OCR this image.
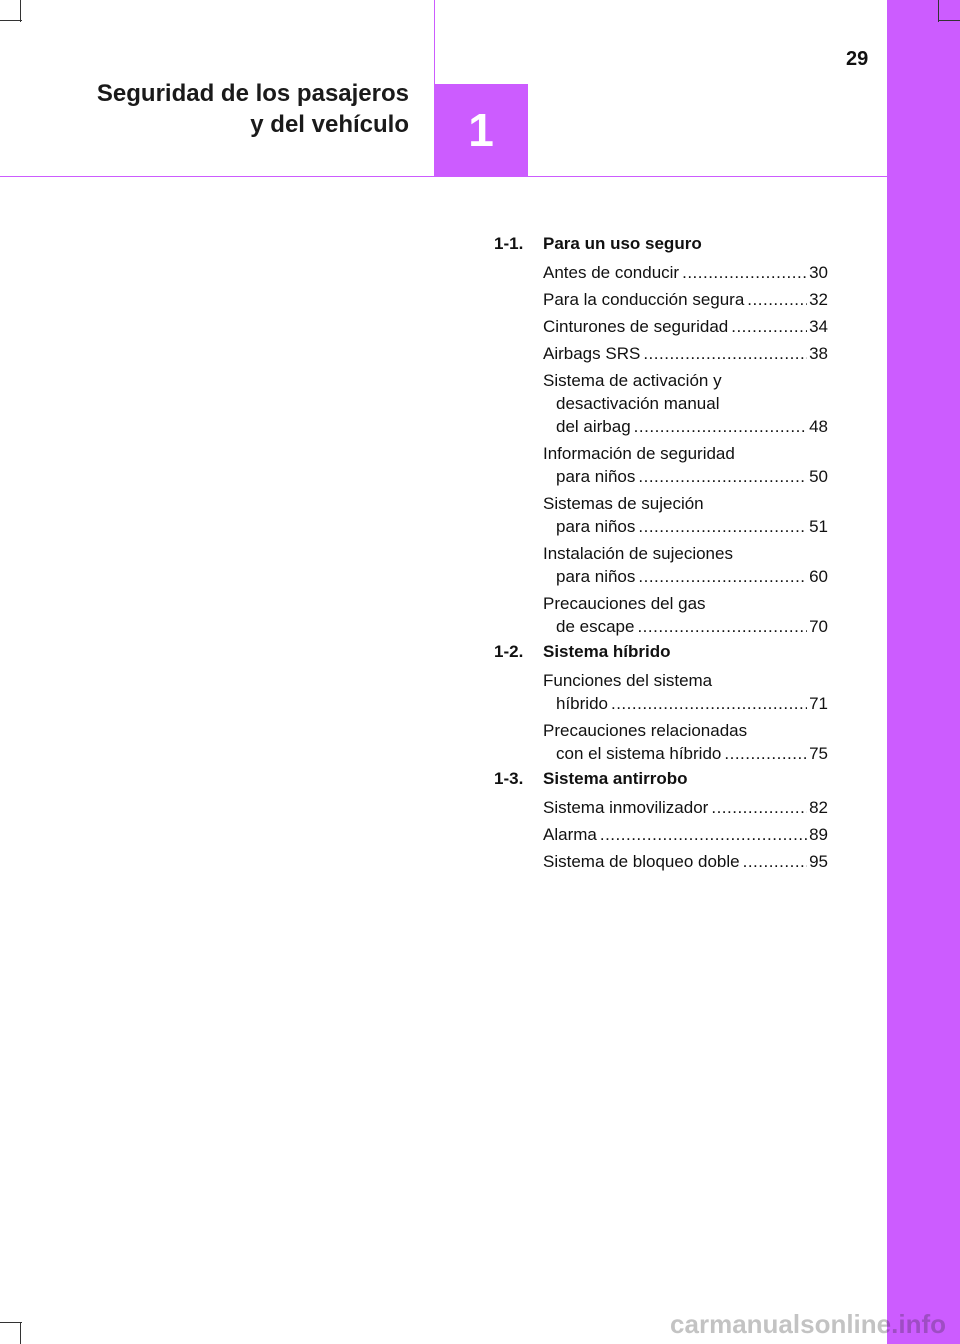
Seguridad de los pasajeros
y del vehículo 1
29
1-1. Para un uso seguro
Antes de conducir .....	30
Para la conducción segura .....	32
Cinturones de seguridad .....	34
Airbags SRS .....	38
Sistema de activación y
desactivación manual
del airbag .....	48
Información de seguridad
para niños .....	50
Sistemas de sujeción
para niños .....	51
Instalación de sujeciones
para niños .....	60
Precauciones del gas
de escape .....	70
1-2. Sistema híbrido
Funciones del sistema
híbrido .....	71
Precauciones relacionadas
con el sistema híbrido .....	75
1-3. Sistema antirrobo
Sistema inmovilizador .....	82
Alarma .....	89
Sistema de bloqueo doble .....	95
carmanualsonline.info
